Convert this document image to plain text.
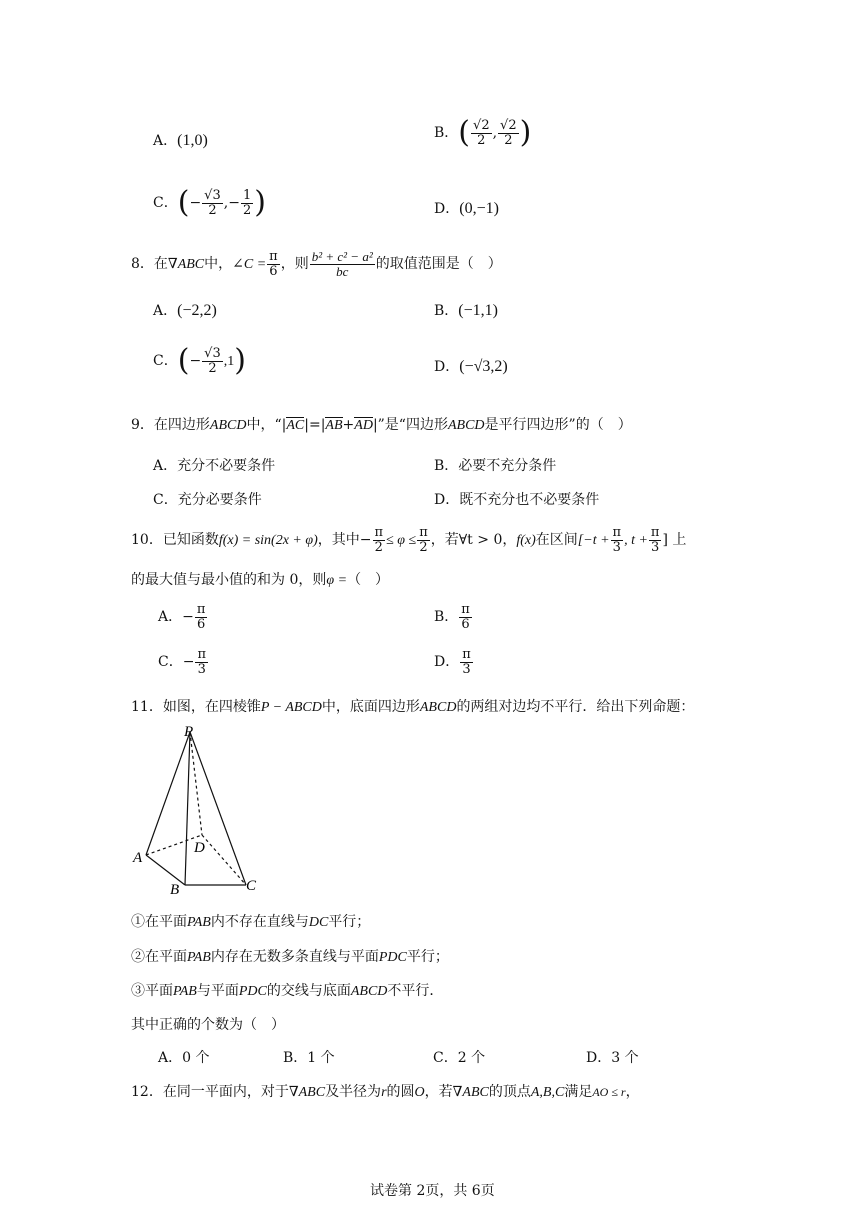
A．(1,0)	B．( $\frac{√2}{2}$ , $\frac{√2}{2}$ )
C．(− $\frac{√3}{2}$ ,− $\frac{1}{2}$ )	D．(0,−1)
8．在∇ABC中，∠C = $\frac{\pi}{6}$ ，则 $\frac{\text{b² + c² − a²}}{bc}$ 的取值范围是（　）
A．(−2,2)	B．(−1,1)
C．(− $\frac{√3}{2} ,1$)	D．(−√3,2)
9．在四边形ABCD中，“|AC|=|AB+AD|”是“四边形ABCD是平行四边形”的（　）
A．充分不必要条件	B．必要不充分条件
C．充分必要条件	D．既不充分也不必要条件
10．已知函数f(x) = sin(2x + φ)，其中− $\frac{\pi}{2} \le \varphi \le \frac{\pi}{2}$ ，若∀t > 0，f(x)在区间[$-t + \frac{\pi}{3}$ , $t + \frac{\pi}{3}$ ] 上
的最大值与最小值的和为 0，则φ =（　）
A．− $\frac{\pi}{6}$	B． $\frac{\pi}{6}$
C．− $\frac{\pi}{3}$	D． $\frac{\pi}{3}$
11．如图，在四棱锥P − ABCD中，底面四边形ABCD的两组对边均不平行．给出下列命题：
P
A
B	C
D
①在平面PAB内不存在直线与DC平行；
②在平面PAB内存在无数多条直线与平面PDC平行；
③平面PAB与平面PDC的交线与底面ABCD不平行．
其中正确的个数为（　）
A．0 个	B．1 个	C．2 个	D．3 个
12．在同一平面内，对于∇ABC及半径为r的圆O，若∇ABC的顶点A,B,C满足AO ≤ r，
试卷第 2页，共 6页
